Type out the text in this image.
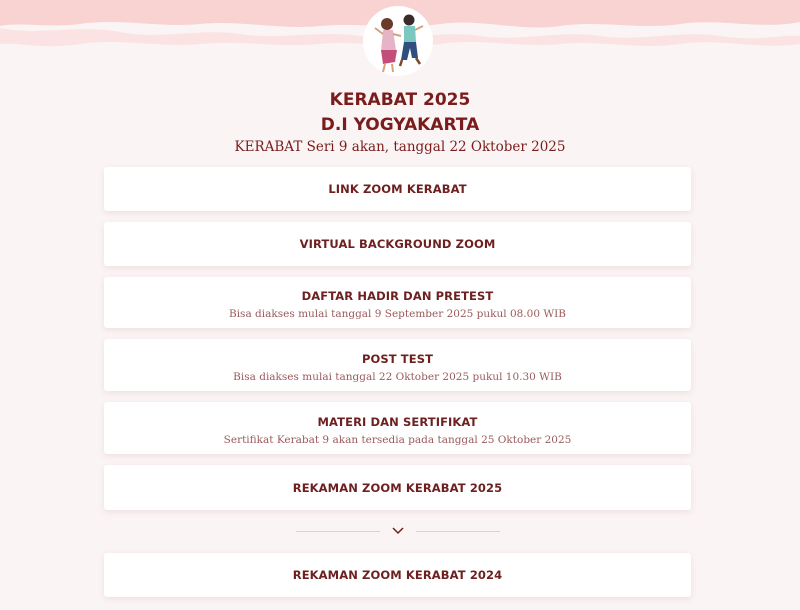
KERABAT 2025
D.I YOGYAKARTA
KERABAT Seri 9 akan, tanggal 22 Oktober 2025
LINK ZOOM KERABAT
VIRTUAL BACKGROUND ZOOM
DAFTAR HADIR DAN PRETEST
Bisa diakses mulai tanggal 9 September 2025 pukul 08.00 WIB
POST TEST
Bisa diakses mulai tanggal 22 Oktober 2025 pukul 10.30 WIB
MATERI DAN SERTIFIKAT
Sertifikat Kerabat 9 akan tersedia pada tanggal 25 Oktober 2025
REKAMAN ZOOM KERABAT 2025
REKAMAN ZOOM KERABAT 2024
